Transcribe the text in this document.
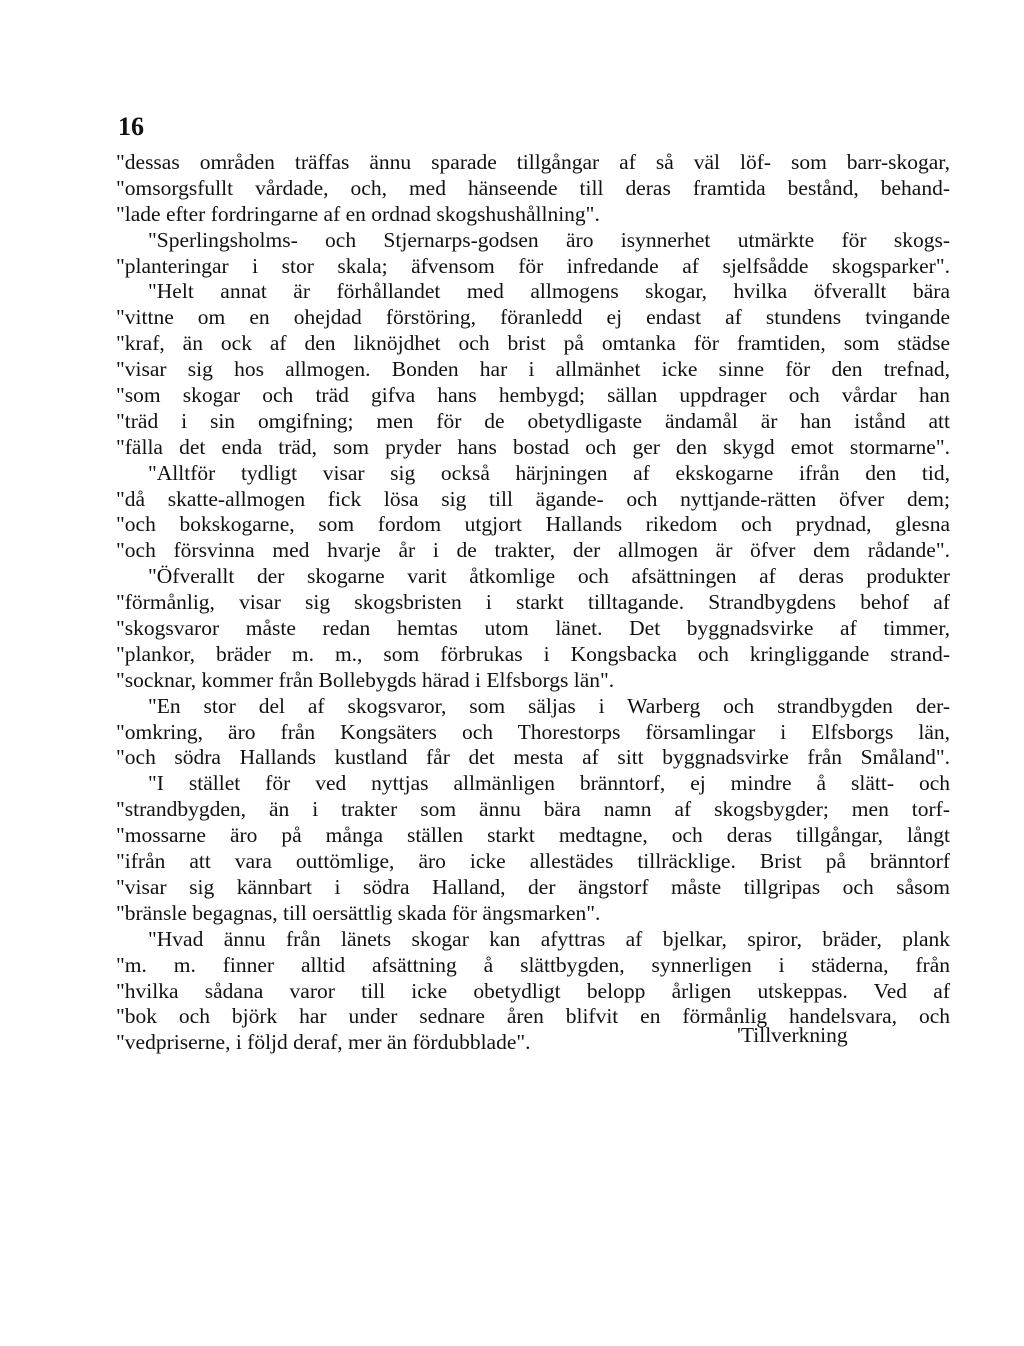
16
"dessas områden träffas ännu sparade tillgångar af så väl löf- som barr-skogar,
"omsorgsfullt vårdade, och, med hänseende till deras framtida bestånd, behand-
"lade efter fordringarne af en ordnad skogshushållning".
"Sperlingsholms- och Stjernarps-godsen äro isynnerhet utmärkte för skogs-
"planteringar i stor skala; äfvensom för infredande af sjelfsådde skogsparker".
"Helt annat är förhållandet med allmogens skogar, hvilka öfverallt bära
"vittne om en ohejdad förstöring, föranledd ej endast af stundens tvingande
"kraf, än ock af den liknöjdhet och brist på omtanka för framtiden, som städse
"visar sig hos allmogen. Bonden har i allmänhet icke sinne för den trefnad,
"som skogar och träd gifva hans hembygd; sällan uppdrager och vårdar han
"träd i sin omgifning; men för de obetydligaste ändamål är han istånd att
"fälla det enda träd, som pryder hans bostad och ger den skygd emot stormarne".
"Alltför tydligt visar sig också härjningen af ekskogarne ifrån den tid,
"då skatte-allmogen fick lösa sig till ägande- och nyttjande-rätten öfver dem;
"och bokskogarne, som fordom utgjort Hallands rikedom och prydnad, glesna
"och försvinna med hvarje år i de trakter, der allmogen är öfver dem rådande".
"Öfverallt der skogarne varit åtkomlige och afsättningen af deras produkter
"förmånlig, visar sig skogsbristen i starkt tilltagande. Strandbygdens behof af
"skogsvaror måste redan hemtas utom länet. Det byggnadsvirke af timmer,
"plankor, bräder m. m., som förbrukas i Kongsbacka och kringliggande strand-
"socknar, kommer från Bollebygds härad i Elfsborgs län".
"En stor del af skogsvaror, som säljas i Warberg och strandbygden der-
"omkring, äro från Kongsäters och Thorestorps församlingar i Elfsborgs län,
"och södra Hallands kustland får det mesta af sitt byggnadsvirke från Småland".
"I stället för ved nyttjas allmänligen bränntorf, ej mindre å slätt- och
"strandbygden, än i trakter som ännu bära namn af skogsbygder; men torf-
"mossarne äro på många ställen starkt medtagne, och deras tillgångar, långt
"ifrån att vara outtömlige, äro icke allestädes tillräcklige. Brist på bränntorf
"visar sig kännbart i södra Halland, der ängstorf måste tillgripas och såsom
"bränsle begagnas, till oersättlig skada för ängsmarken".
"Hvad ännu från länets skogar kan afyttras af bjelkar, spiror, bräder, plank
"m. m. finner alltid afsättning å slättbygden, synnerligen i städerna, från
"hvilka sådana varor till icke obetydligt belopp årligen utskeppas. Ved af
"bok och björk har under sednare åren blifvit en förmånlig handelsvara, och
"vedpriserne, i följd deraf, mer än fördubblade".	'Tillverkning
